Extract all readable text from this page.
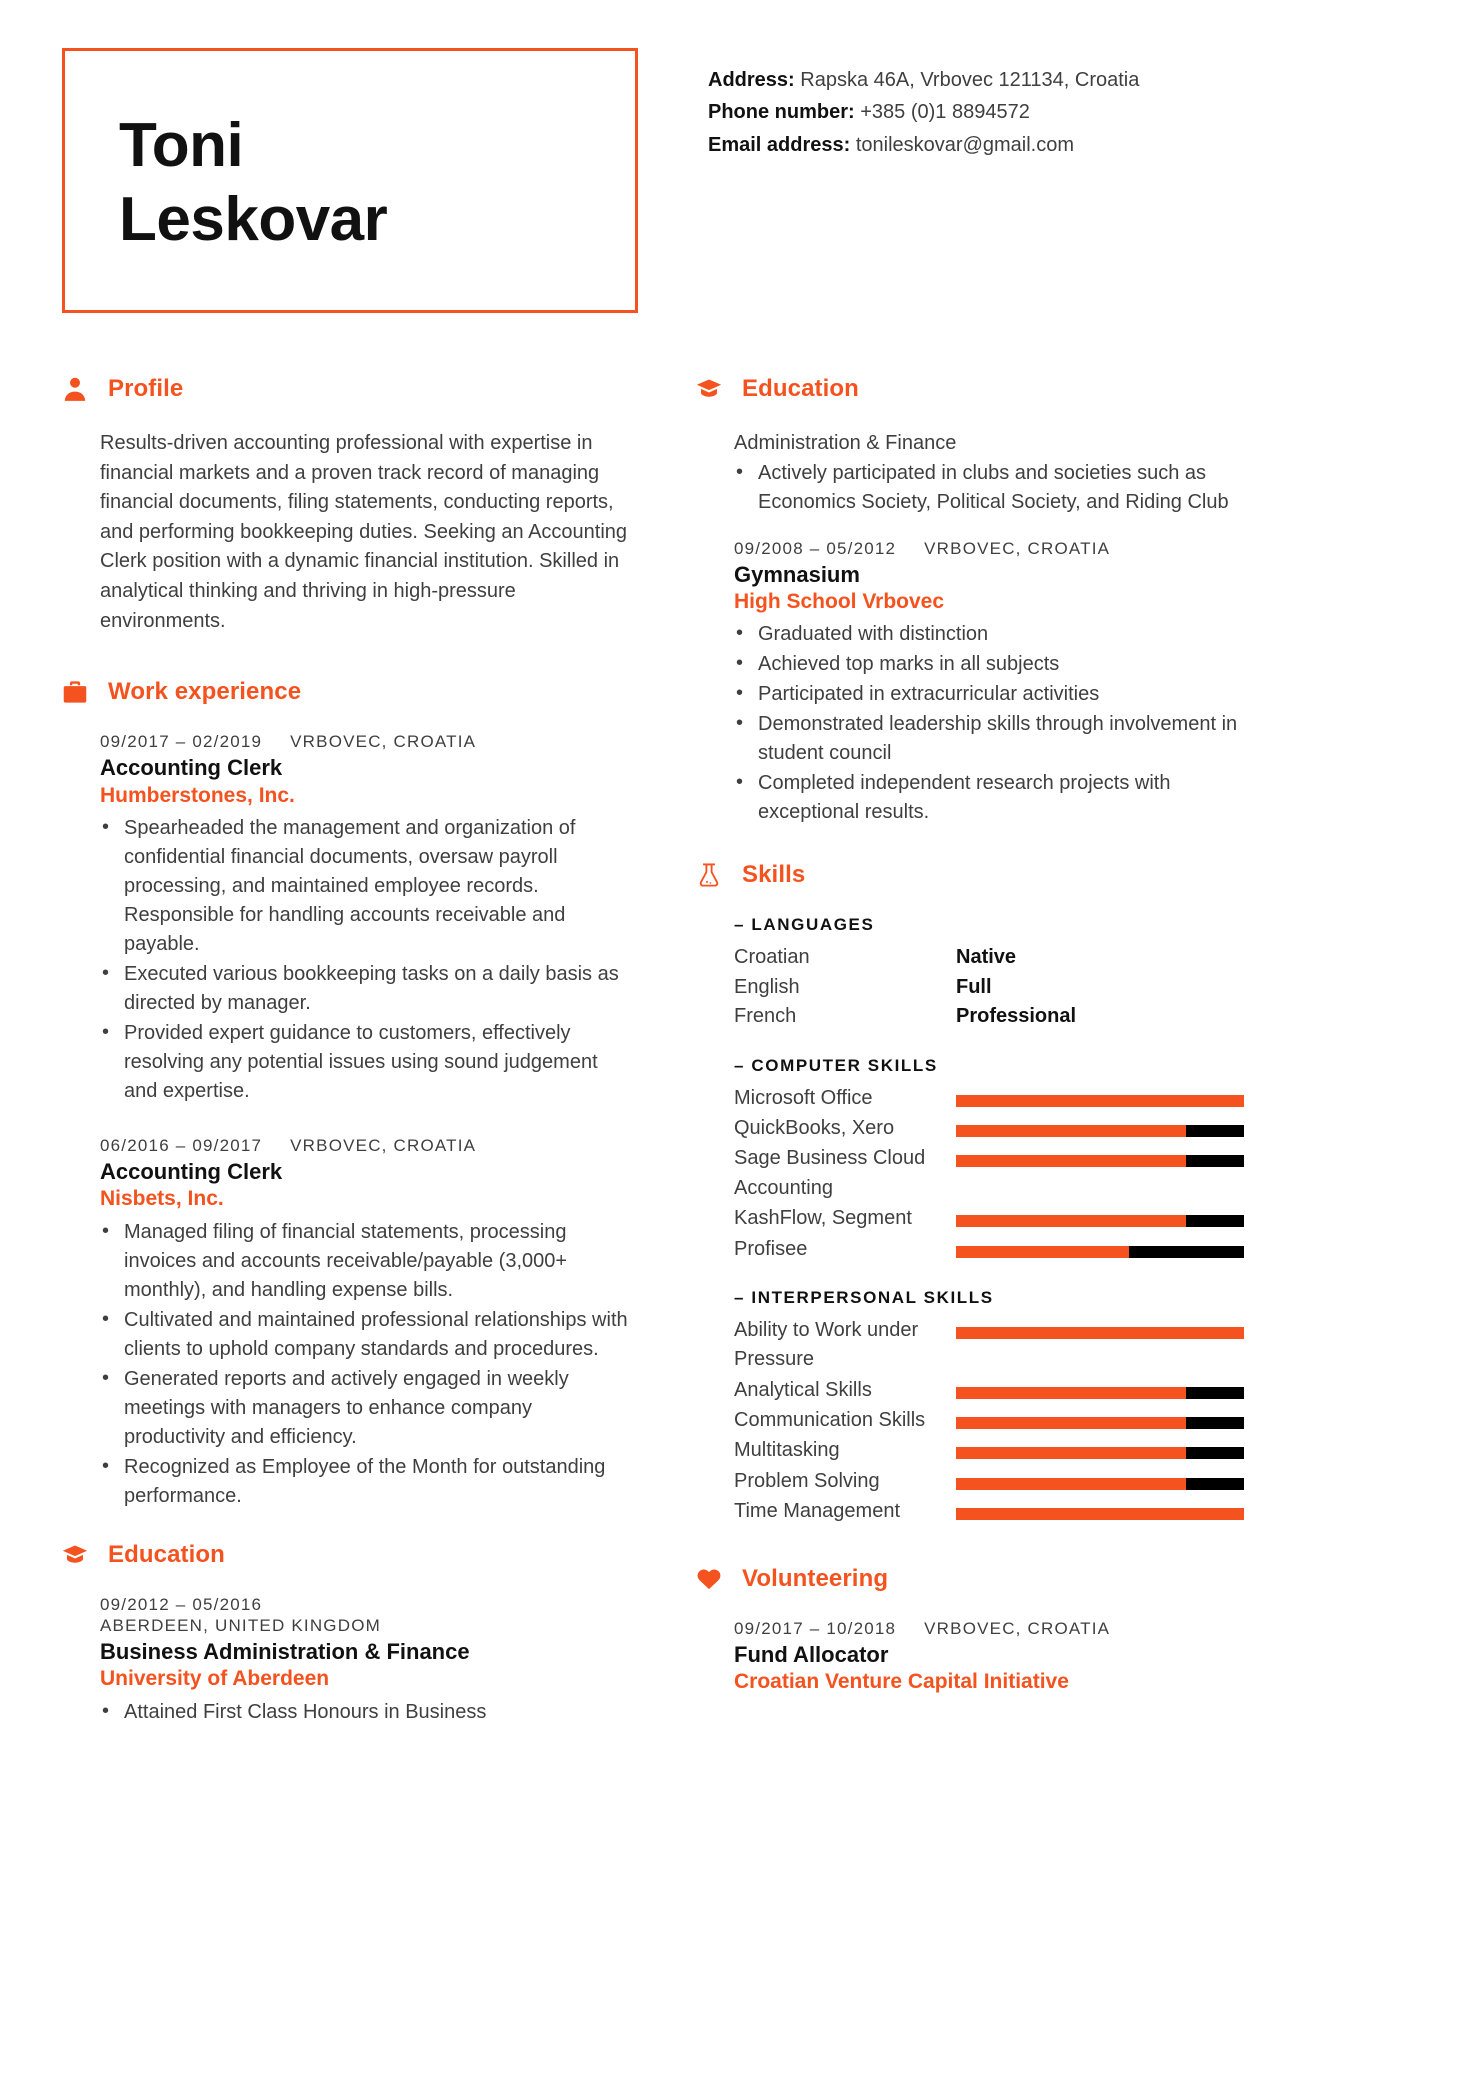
Toni
Leskovar
Address: Rapska 46A, Vrbovec 121134, Croatia
Phone number: +385 (0)1 8894572
Email address: tonileskovar@gmail.com
Profile
Results-driven accounting professional with expertise in financial markets and a proven track record of managing financial documents, filing statements, conducting reports, and performing bookkeeping duties. Seeking an Accounting Clerk position with a dynamic financial institution. Skilled in analytical thinking and thriving in high-pressure environments.
Work experience
09/2017 – 02/2019 VRBOVEC, CROATIA
Accounting Clerk
Humberstones, Inc.
• Spearheaded the management and organization of confidential financial documents, oversaw payroll processing, and maintained employee records. Responsible for handling accounts receivable and payable.
• Executed various bookkeeping tasks on a daily basis as directed by manager.
• Provided expert guidance to customers, effectively resolving any potential issues using sound judgement and expertise.
06/2016 – 09/2017 VRBOVEC, CROATIA
Accounting Clerk
Nisbets, Inc.
• Managed filing of financial statements, processing invoices and accounts receivable/payable (3,000+ monthly), and handling expense bills.
• Cultivated and maintained professional relationships with clients to uphold company standards and procedures.
• Generated reports and actively engaged in weekly meetings with managers to enhance company productivity and efficiency.
• Recognized as Employee of the Month for outstanding performance.
Education
09/2012 – 05/2016
ABERDEEN, UNITED KINGDOM
Business Administration & Finance
University of Aberdeen
• Attained First Class Honours in Business
Education
Administration & Finance
• Actively participated in clubs and societies such as Economics Society, Political Society, and Riding Club
09/2008 – 05/2012 VRBOVEC, CROATIA
Gymnasium
High School Vrbovec
• Graduated with distinction
• Achieved top marks in all subjects
• Participated in extracurricular activities
• Demonstrated leadership skills through involvement in student council
• Completed independent research projects with exceptional results.
Skills
– LANGUAGES
Croatian	Native
English	Full
French	Professional
– COMPUTER SKILLS
Microsoft Office
QuickBooks, Xero
Sage Business Cloud Accounting
KashFlow, Segment
Profisee
– INTERPERSONAL SKILLS
Ability to Work under Pressure
Analytical Skills
Communication Skills
Multitasking
Problem Solving
Time Management
Volunteering
09/2017 – 10/2018 VRBOVEC, CROATIA
Fund Allocator
Croatian Venture Capital Initiative
